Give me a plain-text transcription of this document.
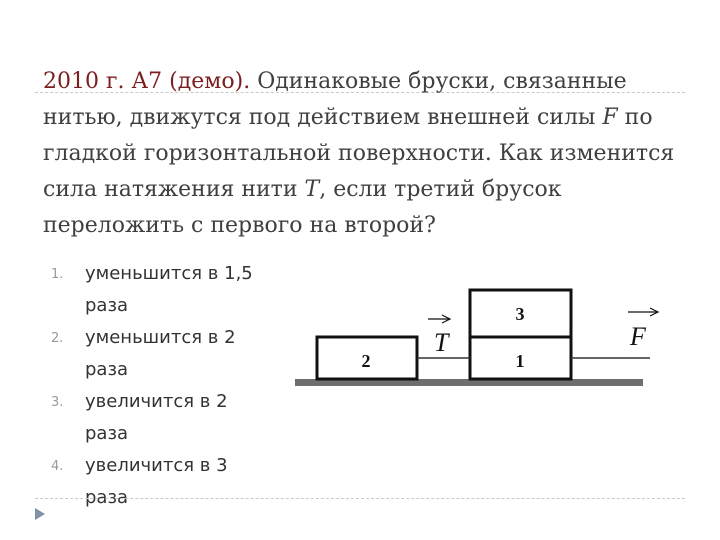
2010 г. А7 (демо). Одинаковые бруски, связанные нитью, движутся под действием внешней силы F по гладкой горизонтальной поверхности. Как изменится сила натяжения нити T, если третий брусок переложить с первого на второй?
1. уменьшится в 1,5 раза
2. уменьшится в 2 раза
3. увеличится в 2 раза
4. увеличится в 3 раза
2	1
3
T	F
